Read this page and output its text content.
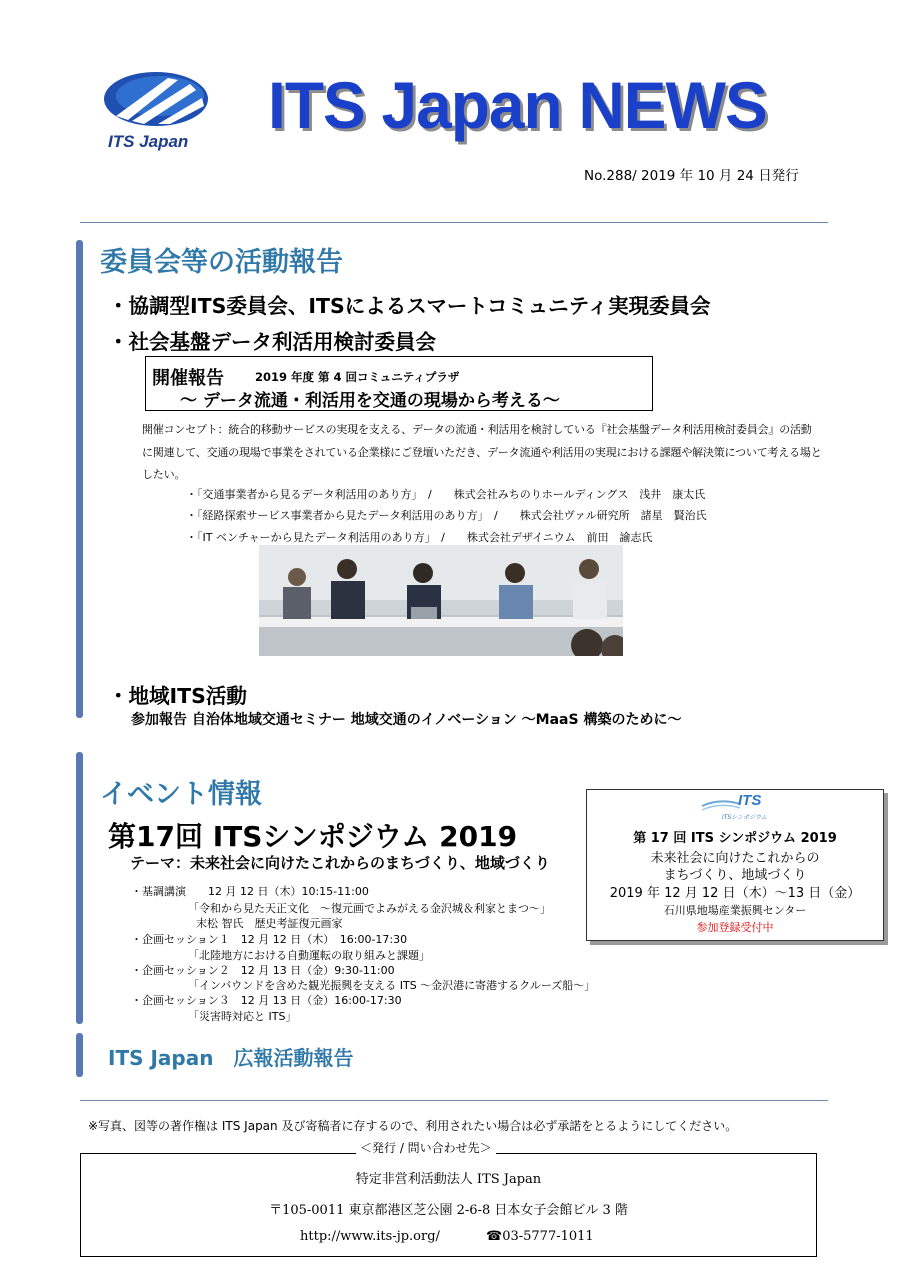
ITS Japan ITS Japan NEWS
No.288/ 2019 年 10 月 24 日発行
委員会等の活動報告
・協調型ITS委員会、ITSによるスマートコミュニティ実現委員会
・社会基盤データ利活用検討委員会
開催報告	2019 年度 第 4 回コミュニティプラザ
～ データ流通・利活用を交通の現場から考える～
開催コンセプト：統合的移動サービスの実現を支える、データの流通・利活用を検討している『社会基盤データ利活用検討委員会』の活動に関連して、交通の現場で事業をされている企業様にご登壇いただき、データ流通や利活用の実現における課題や解決策について考える場としたい。
・「交通事業者から見るデータ利活用のあり方」　/　　株式会社みちのりホールディングス　浅井　康太氏
・「経路探索サービス事業者から見たデータ利活用のあり方」　/　　株式会社ヴァル研究所　諸星　賢治氏
・「IT ベンチャーから見たデータ利活用のあり方」　/　　株式会社デザイニウム　前田　諭志氏
・地域ITS活動
参加報告 自治体地域交通セミナー 地域交通のイノベーション ～MaaS 構築のために～
イベント情報
第17回 ITSシンポジウム 2019
テーマ：未来社会に向けたこれからのまちづくり、地域づくり
・基調講演　　12 月 12 日（木）10:15-11:00
「令和から見た天正文化　～復元画でよみがえる金沢城＆利家とまつ～」
末松 智氏　歴史考証復元画家
・企画セッション１　12 月 12 日（木）　16:00-17:30
「北陸地方における自動運転の取り組みと課題」
・企画セッション２　12 月 13 日（金）9:30-11:00
「インバウンドを含めた観光振興を支える ITS ～金沢港に寄港するクルーズ船～」
・企画セッション３　12 月 13 日（金）16:00-17:30
「災害時対応と ITS」
ITS
ITSシンポジウム
第 17 回 ITS シンポジウム 2019
未来社会に向けたこれからの
まちづくり、地域づくり
2019 年 12 月 12 日（木）～13 日（金）
石川県地場産業振興センター
参加登録受付中
ITS Japan　広報活動報告
※写真、図等の著作権は ITS Japan 及び寄稿者に存するので、利用されたい場合は必ず承諾をとるようにしてください。
＜発行 / 問い合わせ先＞
特定非営利活動法人 ITS Japan
〒105-0011 東京都港区芝公園 2-6-8 日本女子会館ビル 3 階
http://www.its-jp.org/	☎03-5777-1011
